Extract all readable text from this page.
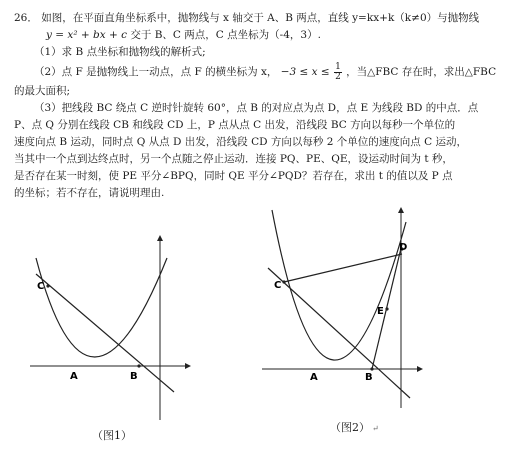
26． 如图，在平面直角坐标系中，抛物线与 x 轴交于 A、B 两点，直线 y=kx+k（k≠0）与抛物线
y = x² + bx + c 交于 B、C 两点，C 点坐标为（-4，3）.
（1）求 B 点坐标和抛物线的解析式;
（2）点 F 是抛物线上一动点，点 F 的横坐标为 x， $-3 \le x \le \frac{1}{2}$ ，当△FBC 存在时，求出△FBC
的最大面积;
（3）把线段 BC 绕点 C 逆时针旋转 60°，点 B 的对应点为点 D，点 E 为线段 BD 的中点．点
P、点 Q 分别在线段 CB 和线段 CD 上，P 点从点 C 出发，沿线段 BC 方向以每秒一个单位的
速度向点 B 运动，同时点 Q 从点 D 出发，沿线段 CD 方向以每秒 2 个单位的速度向点 C 运动，
当其中一个点到达终点时，另一个点随之停止运动．连接 PQ、PE、QE，设运动时间为 t 秒，
是否存在某一时刻，使 PE 平分∠BPQ，同时 QE 平分∠PQD？若存在，求出 t 的值以及 P 点
的坐标；若不存在，请说明理由.
C
A	B
（图1）
C
A	B
D
E
（图2） ↵
